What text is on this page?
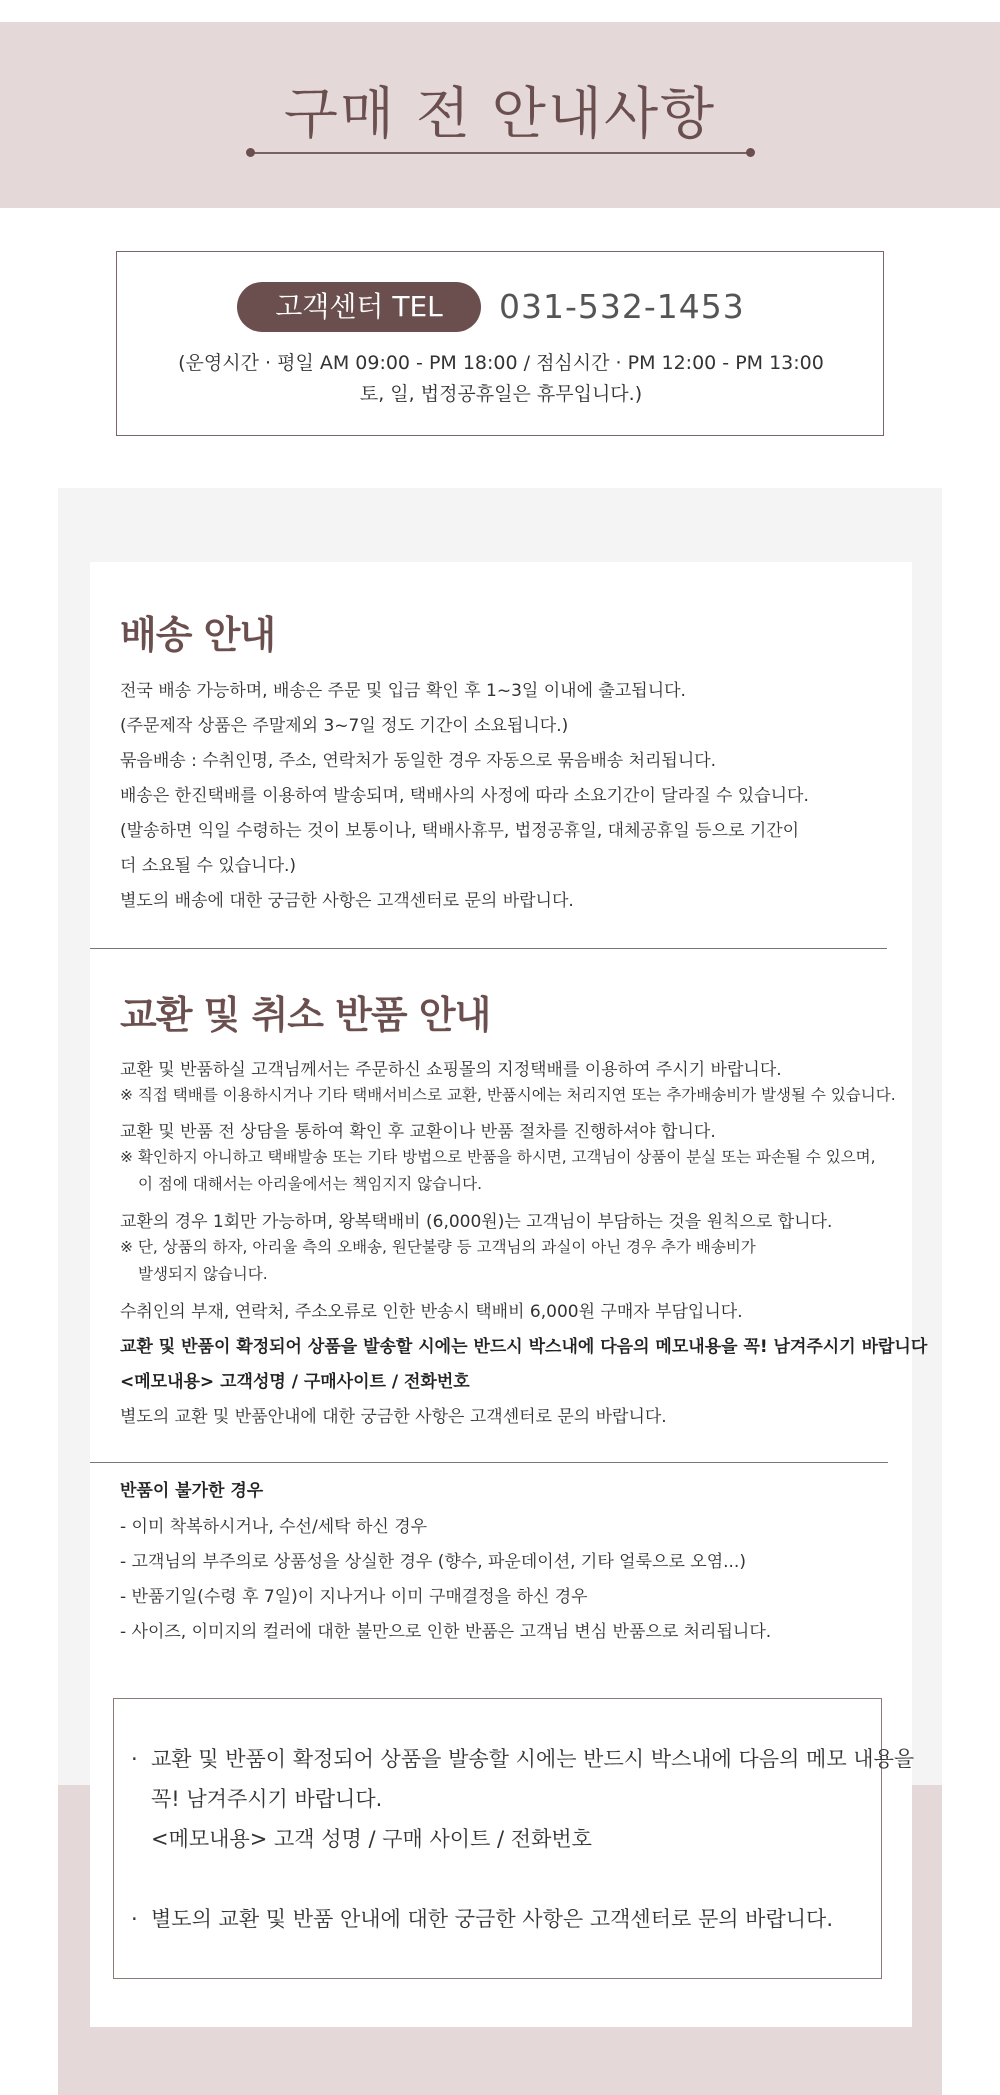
구매 전 안내사항
고객센터 TEL	031-532-1453
(운영시간 · 평일 AM 09:00 - PM 18:00 / 점심시간 · PM 12:00 - PM 13:00
토, 일, 법정공휴일은 휴무입니다.)
배송 안내
전국 배송 가능하며, 배송은 주문 및 입금 확인 후 1~3일 이내에 출고됩니다.
(주문제작 상품은 주말제외 3~7일 정도 기간이 소요됩니다.)
묶음배송 : 수취인명, 주소, 연락처가 동일한 경우 자동으로 묶음배송 처리됩니다.
배송은 한진택배를 이용하여 발송되며, 택배사의 사정에 따라 소요기간이 달라질 수 있습니다.
(발송하면 익일 수령하는 것이 보통이나, 택배사휴무, 법정공휴일, 대체공휴일 등으로 기간이
더 소요될 수 있습니다.)
별도의 배송에 대한 궁금한 사항은 고객센터로 문의 바랍니다.
교환 및 취소 반품 안내
교환 및 반품하실 고객님께서는 주문하신 쇼핑몰의 지정택배를 이용하여 주시기 바랍니다.
※ 직접 택배를 이용하시거나 기타 택배서비스로 교환, 반품시에는 처리지연 또는 추가배송비가 발생될 수 있습니다.
교환 및 반품 전 상담을 통하여 확인 후 교환이나 반품 절차를 진행하셔야 합니다.
※ 확인하지 아니하고 택배발송 또는 기타 방법으로 반품을 하시면, 고객님이 상품이 분실 또는 파손될 수 있으며,
이 점에 대해서는 아리울에서는 책임지지 않습니다.
교환의 경우 1회만 가능하며, 왕복택배비 (6,000원)는 고객님이 부담하는 것을 원칙으로 합니다.
※ 단, 상품의 하자, 아리울 측의 오배송, 원단불량 등 고객님의 과실이 아닌 경우 추가 배송비가
발생되지 않습니다.
수취인의 부재, 연락처, 주소오류로 인한 반송시 택배비 6,000원 구매자 부담입니다.
교환 및 반품이 확정되어 상품을 발송할 시에는 반드시 박스내에 다음의 메모내용을 꼭! 남겨주시기 바랍니다
<메모내용> 고객성명 / 구매사이트 / 전화번호
별도의 교환 및 반품안내에 대한 궁금한 사항은 고객센터로 문의 바랍니다.
반품이 불가한 경우
- 이미 착복하시거나, 수선/세탁 하신 경우
- 고객님의 부주의로 상품성을 상실한 경우 (향수, 파운데이션, 기타 얼룩으로 오염...)
- 반품기일(수령 후 7일)이 지나거나 이미 구매결정을 하신 경우
- 사이즈, 이미지의 컬러에 대한 불만으로 인한 반품은 고객님 변심 반품으로 처리됩니다.
· 교환 및 반품이 확정되어 상품을 발송할 시에는 반드시 박스내에 다음의 메모 내용을
꼭! 남겨주시기 바랍니다.
<메모내용> 고객 성명 / 구매 사이트 / 전화번호
· 별도의 교환 및 반품 안내에 대한 궁금한 사항은 고객센터로 문의 바랍니다.
